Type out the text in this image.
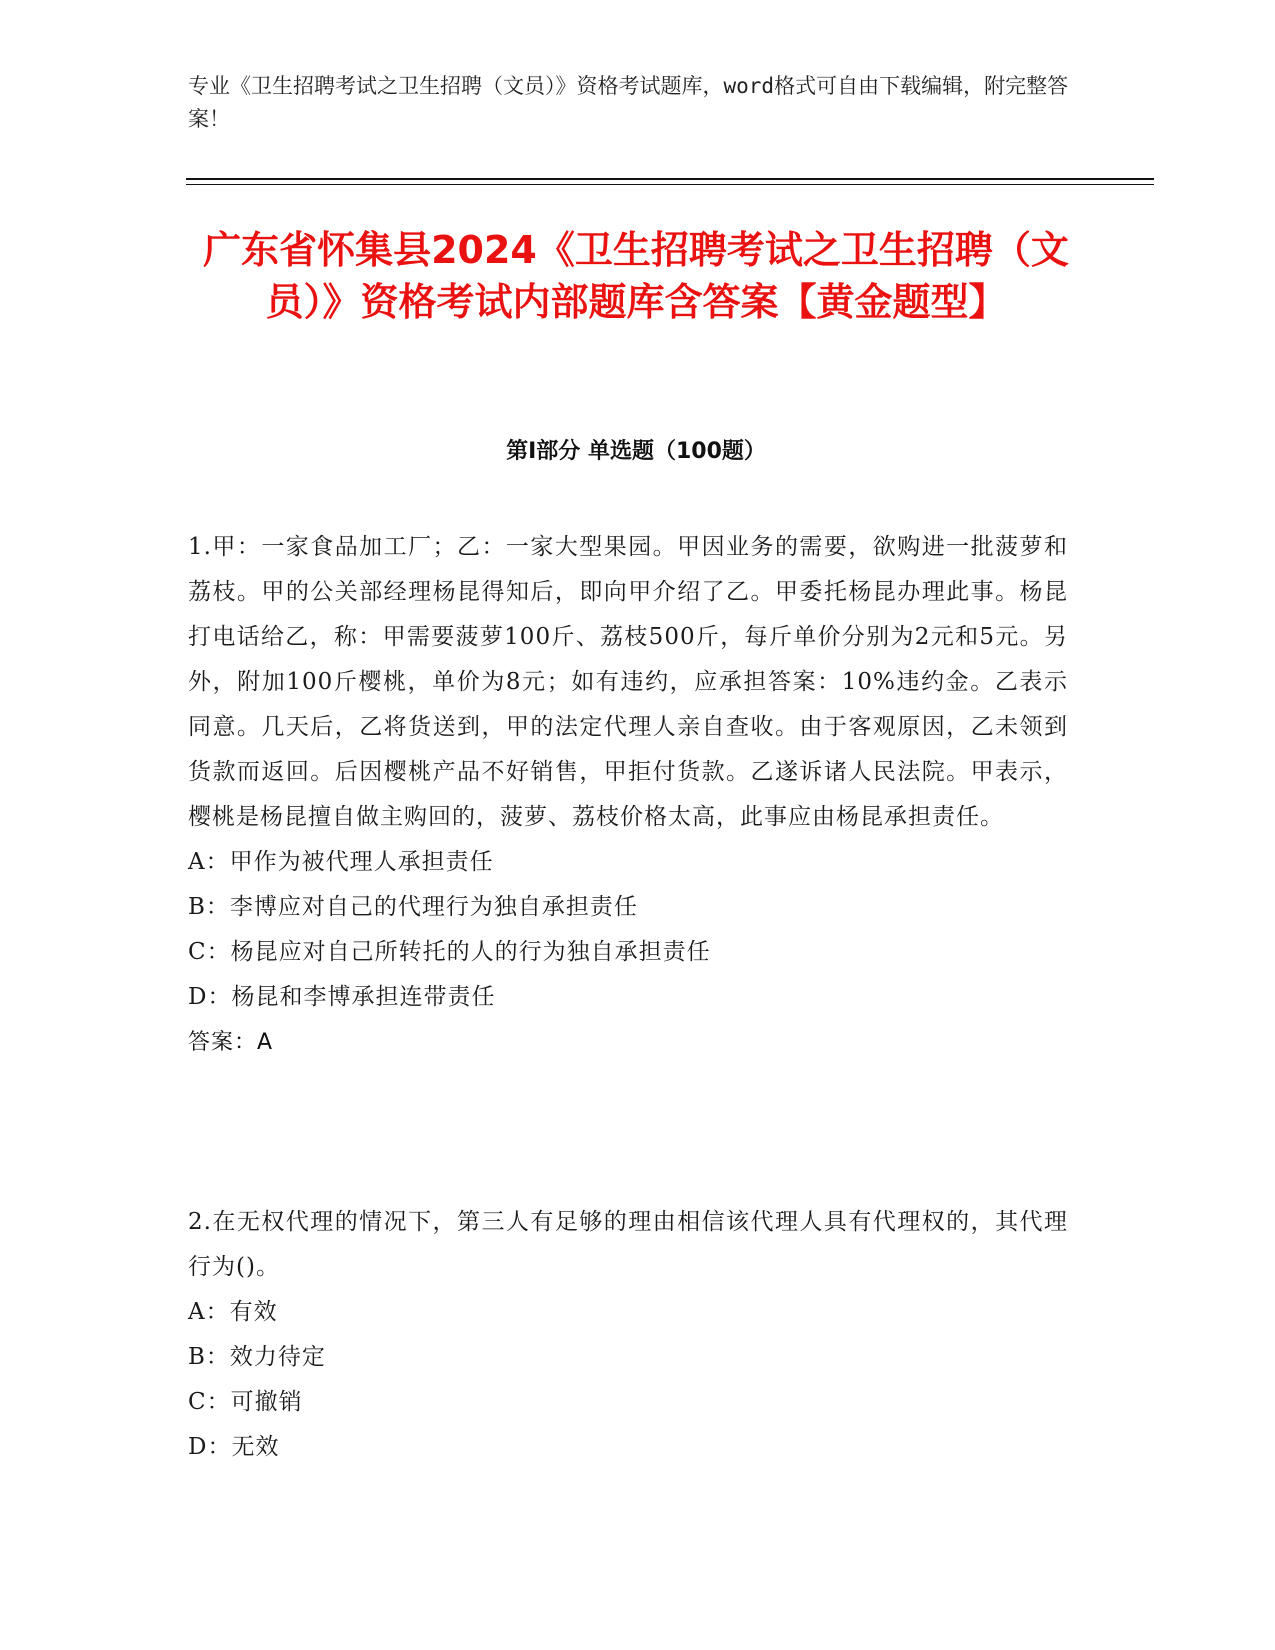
专业《卫生招聘考试之卫生招聘（文员）》资格考试题库，word格式可自由下载编辑，附完整答案！
广东省怀集县2024《卫生招聘考试之卫生招聘（文员）》资格考试内部题库含答案【黄金题型】
第I部分 单选题（100题）

1.甲：一家食品加工厂；乙：一家大型果园。甲因业务的需要，欲购进一批菠萝和荔枝。甲的公关部经理杨昆得知后，即向甲介绍了乙。甲委托杨昆办理此事。杨昆打电话给乙，称：甲需要菠萝100斤、荔枝500斤，每斤单价分别为2元和5元。另外，附加100斤樱桃，单价为8元；如有违约，应承担答案：10%违约金。乙表示同意。几天后，乙将货送到，甲的法定代理人亲自查收。由于客观原因，乙未领到货款而返回。后因樱桃产品不好销售，甲拒付货款。乙遂诉诸人民法院。甲表示，樱桃是杨昆擅自做主购回的，菠萝、荔枝价格太高，此事应由杨昆承担责任。

A：甲作为被代理人承担责任

B：李博应对自己的代理行为独自承担责任

C：杨昆应对自己所转托的人的行为独自承担责任

D：杨昆和李博承担连带责任

答案：A

2.在无权代理的情况下，第三人有足够的理由相信该代理人具有代理权的，其代理行为()。

A：有效

B：效力待定

C：可撤销

D：无效
